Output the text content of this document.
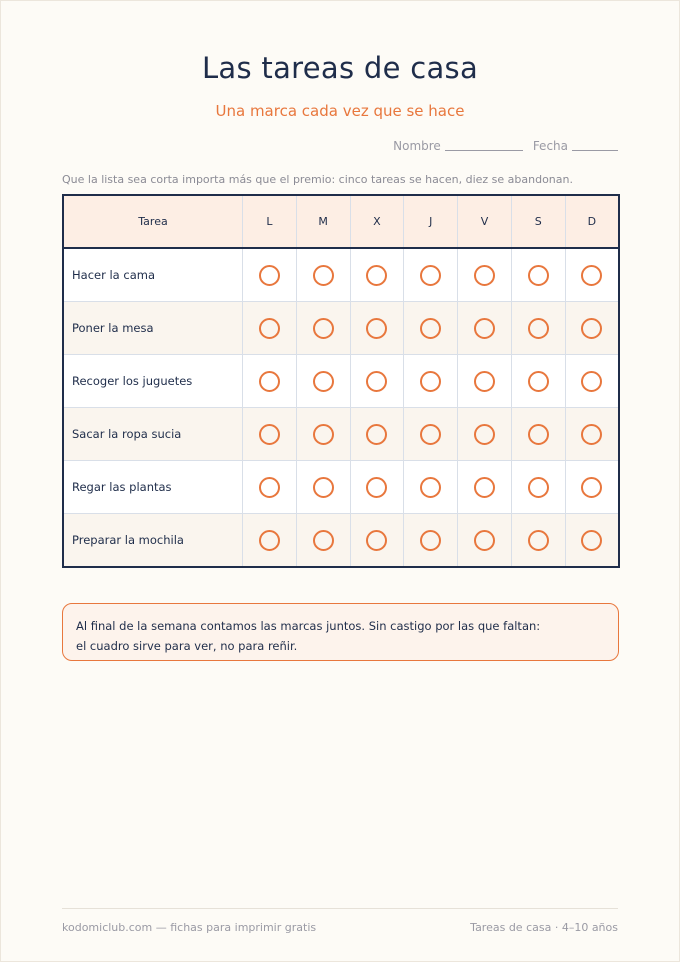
Las tareas de casa
Una marca cada vez que se hace
Nombre	Fecha
Que la lista sea corta importa más que el premio: cinco tareas se hacen, diez se abandonan.
Tarea	L	M	X	J	V	S	D
Hacer la cama							
Poner la mesa							
Recoger los juguetes							
Sacar la ropa sucia							
Regar las plantas							
Preparar la mochila							
Al final de la semana contamos las marcas juntos. Sin castigo por las que faltan:
el cuadro sirve para ver, no para reñir.
kodomiclub.com — fichas para imprimir gratis	Tareas de casa · 4–10 años
